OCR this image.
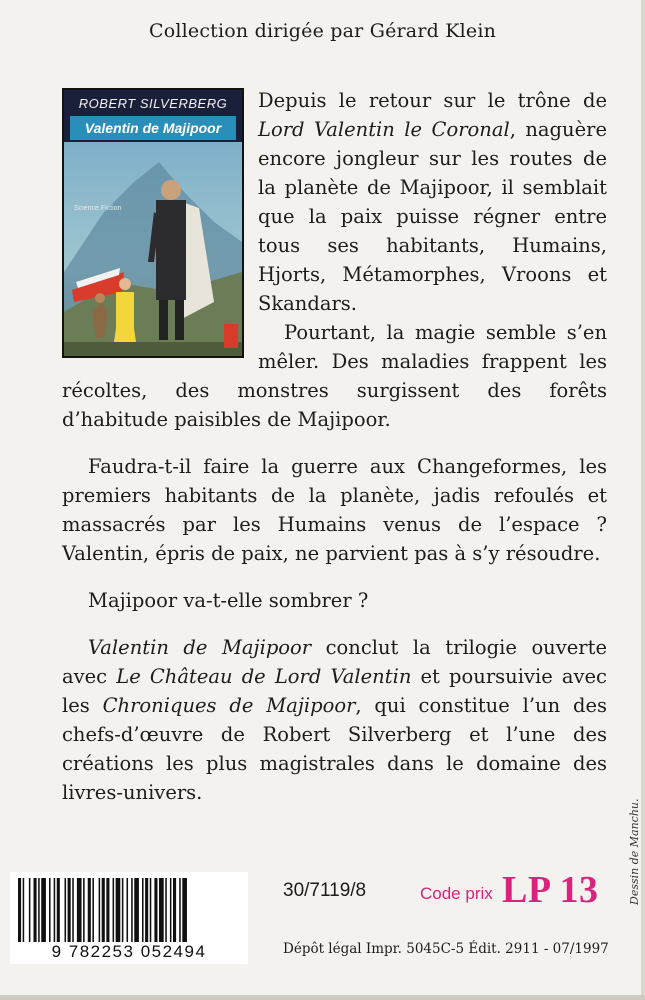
Collection dirigée par Gérard Klein
ROBERT SILVERBERG
Valentin de Majipoor
Science Fiction

Depuis le retour sur le trône de Lord Valentin le Coronal, naguère encore jongleur sur les routes de la planète de Majipoor, il semblait que la paix puisse régner entre tous ses habitants, Humains, Hjorts, Métamorphes, Vroons et Skandars.

Pourtant, la magie semble s’en mêler. Des maladies frappent les récoltes, des monstres surgissent des forêts d’habitude paisibles de Majipoor.

Faudra-t-il faire la guerre aux Changeformes, les premiers habitants de la planète, jadis refoulés et massacrés par les Humains venus de l’espace ? Valentin, épris de paix, ne parvient pas à s’y résoudre.

Majipoor va-t-elle sombrer ?

Valentin de Majipoor conclut la trilogie ouverte avec Le Château de Lord Valentin et poursuivie avec les Chroniques de Majipoor, qui constitue l’un des chefs-d’œuvre de Robert Silverberg et l’une des créations les plus magistrales dans le domaine des livres-univers.

9 782253 052494
30/7119/8	Code prix LP 13
Dépôt légal Impr. 5045C-5 Édit. 2911 - 07/1997
Dessin de Manchu.
